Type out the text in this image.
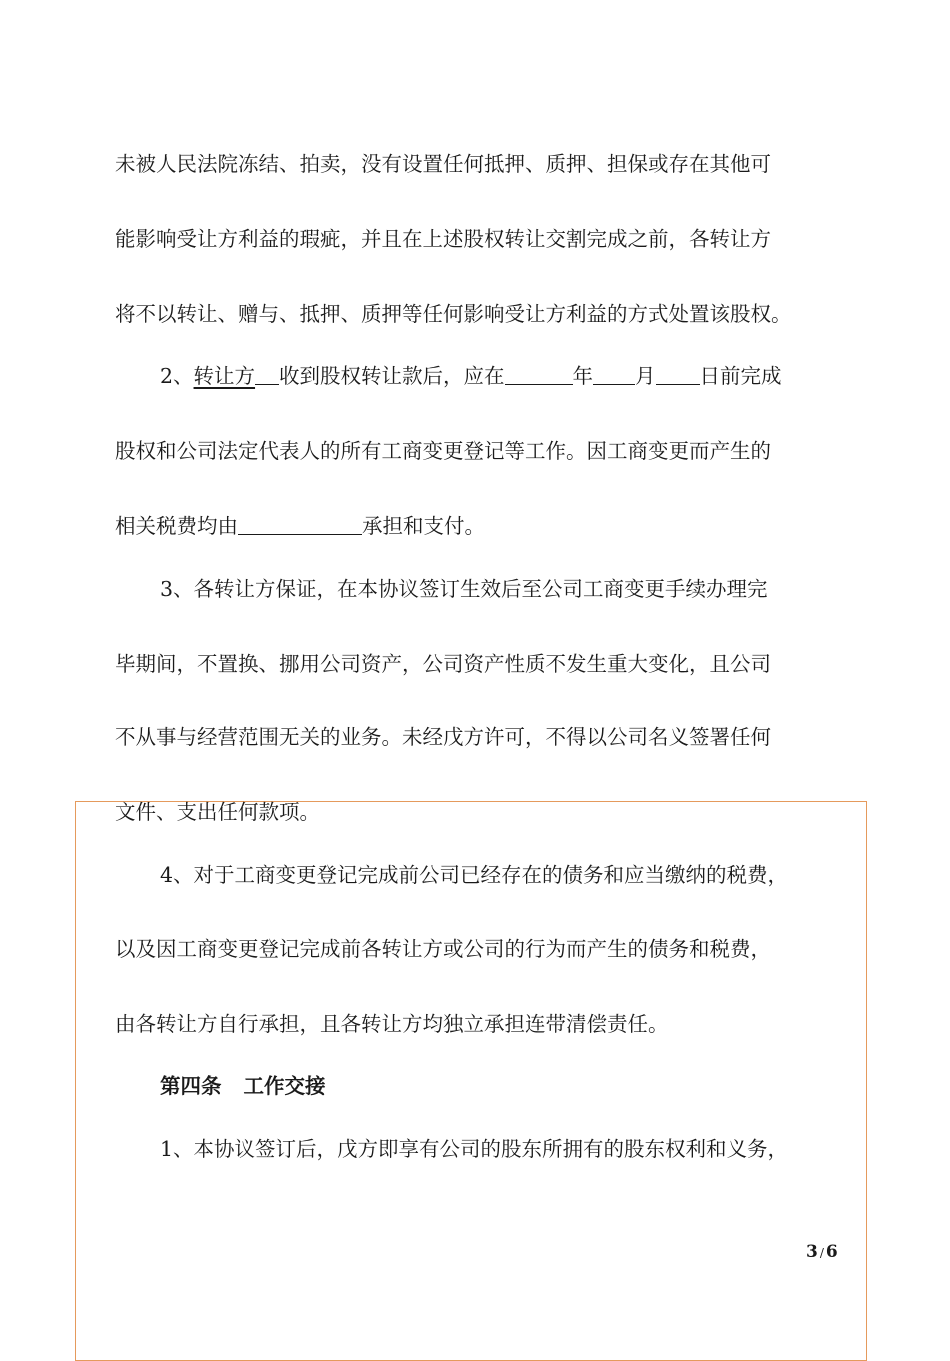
未被人民法院冻结、拍卖，没有设置任何抵押、质押、担保或存在其他可
能影响受让方利益的瑕疵，并且在上述股权转让交割完成之前，各转让方
将不以转让、赠与、抵押、质押等任何影响受让方利益的方式处置该股权。
2、转让方 收到股权转让款后，应在	年 月 日前完成
股权和公司法定代表人的所有工商变更登记等工作。因工商变更而产生的
相关税费均由	承担和支付。
3、各转让方保证，在本协议签订生效后至公司工商变更手续办理完
毕期间，不置换、挪用公司资产，公司资产性质不发生重大变化，且公司
不从事与经营范围无关的业务。未经戊方许可，不得以公司名义签署任何
文件、支出任何款项。
4、对于工商变更登记完成前公司已经存在的债务和应当缴纳的税费，
以及因工商变更登记完成前各转让方或公司的行为而产生的债务和税费，
由各转让方自行承担，且各转让方均独立承担连带清偿责任。
第四条 工作交接
1、本协议签订后，戊方即享有公司的股东所拥有的股东权利和义务，
3 / 6
